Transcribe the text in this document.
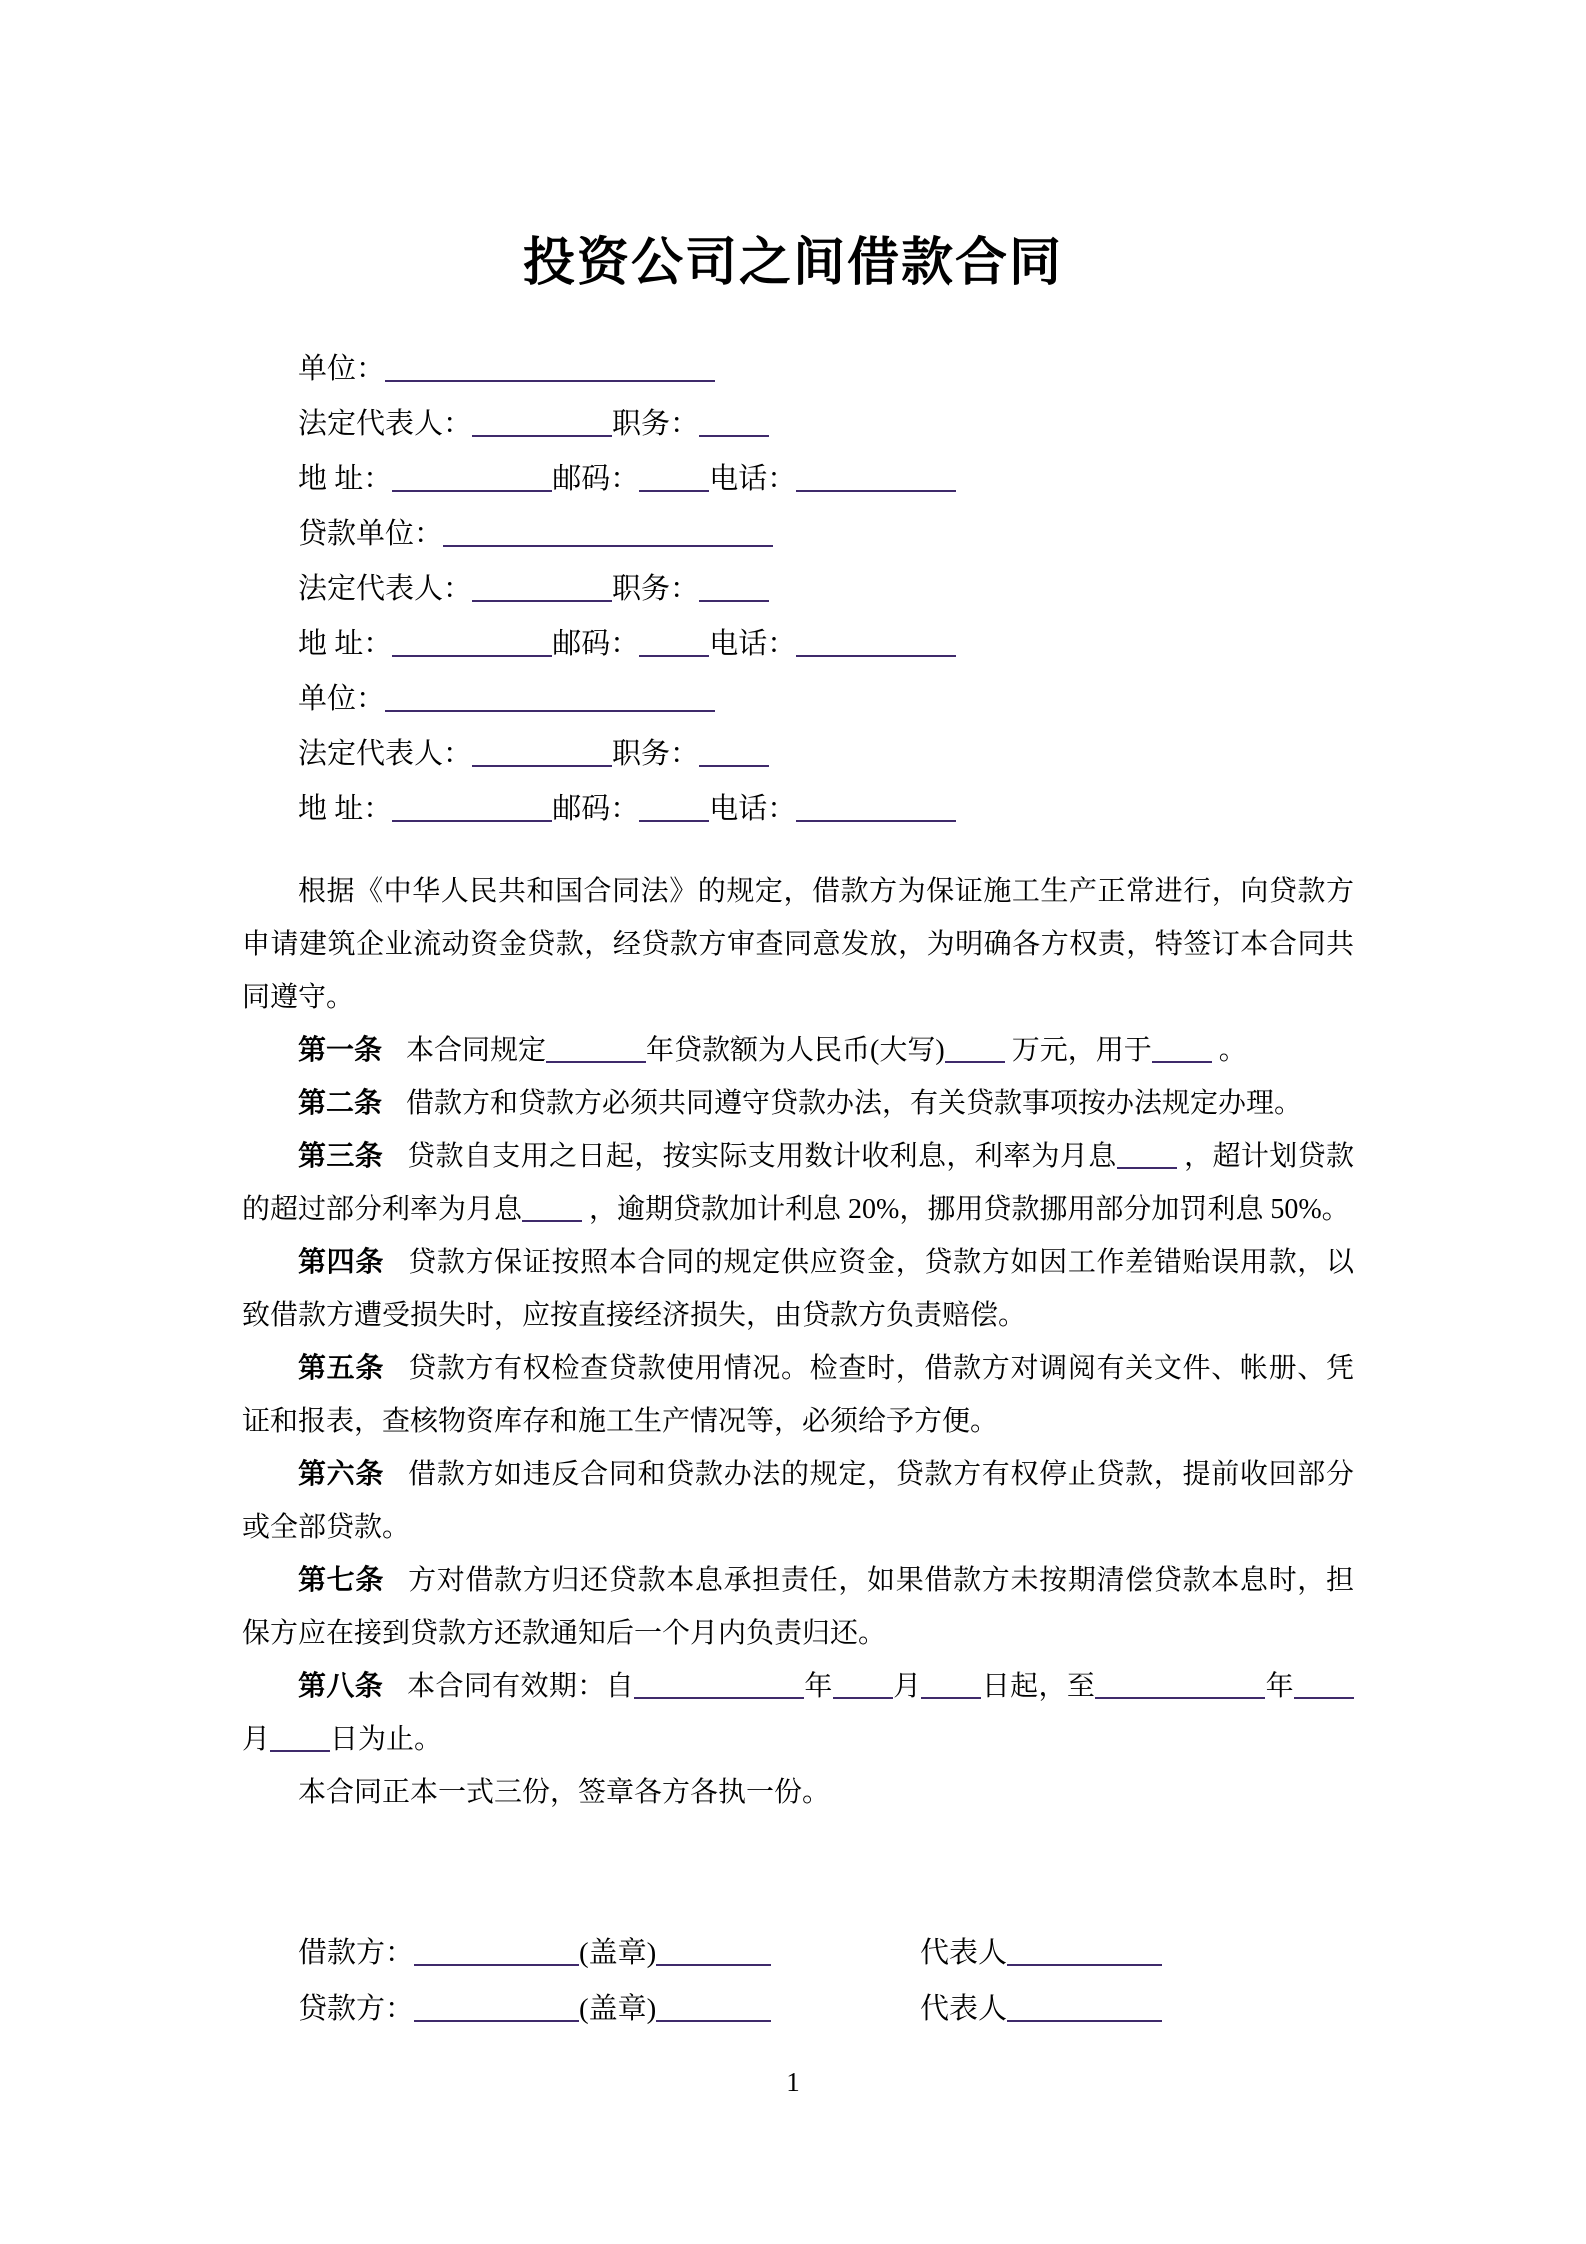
投资公司之间借款合同
单位：
法定代表人：	职务：
地 址：	邮码： 电话：
贷款单位：
法定代表人：	职务：
地 址：	邮码： 电话：
单位：
法定代表人：	职务：
地 址：	邮码： 电话：

根据《中华人民共和国合同法》的规定，借款方为保证施工生产正常进行，向贷款方申请建筑企业流动资金贷款，经贷款方审查同意发放，为明确各方权责，特签订本合同共同遵守。

第一条 本合同规定	年贷款额为人民币(大写) 万元，用于 。

第二条 借款方和贷款方必须共同遵守贷款办法，有关贷款事项按办法规定办理。

第三条 贷款自支用之日起，按实际支用数计收利息，利率为月息 ，超计划贷款的超过部分利率为月息 ，逾期贷款加计利息 20%，挪用贷款挪用部分加罚利息 50%。

第四条 贷款方保证按照本合同的规定供应资金，贷款方如因工作差错贻误用款，以致借款方遭受损失时，应按直接经济损失，由贷款方负责赔偿。

第五条 贷款方有权检查贷款使用情况。检查时，借款方对调阅有关文件、帐册、凭证和报表，查核物资库存和施工生产情况等，必须给予方便。

第六条 借款方如违反合同和贷款办法的规定，贷款方有权停止贷款，提前收回部分或全部贷款。

第七条 方对借款方归还贷款本息承担责任，如果借款方未按期清偿贷款本息时，担保方应在接到贷款方还款通知后一个月内负责归还。

第八条 本合同有效期：自	年 月 日起，至	年月 日为止。

本合同正本一式三份，签章各方各执一份。

借款方：	(盖章)	代表人
贷款方：	(盖章)	代表人
1
